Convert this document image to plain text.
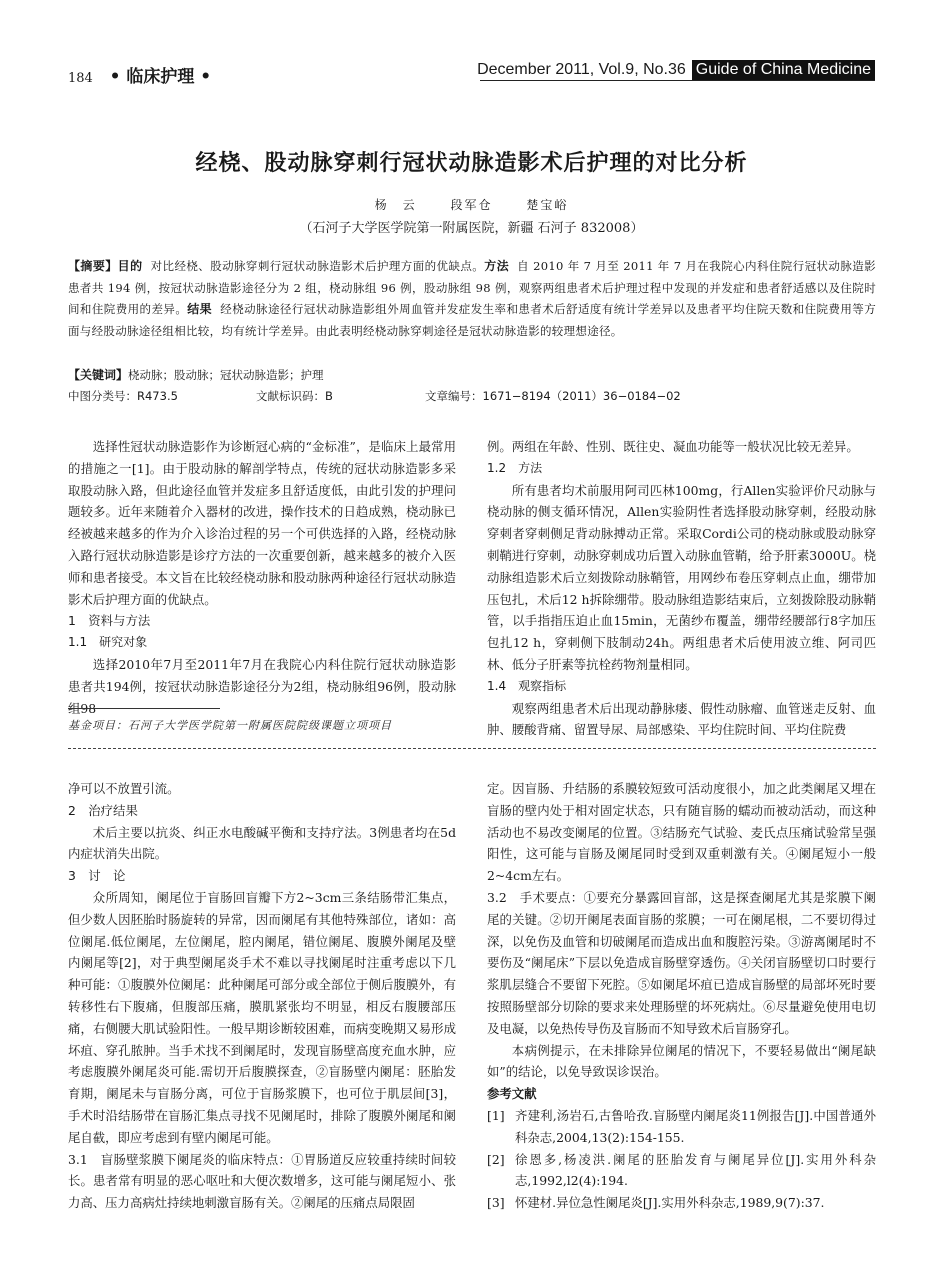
184 • 临床护理 •	December 2011, Vol.9, No.36 Guide of China Medicine
经桡、股动脉穿刺行冠状动脉造影术后护理的对比分析
杨　云	段军仓	楚宝峪
（石河子大学医学院第一附属医院，新疆 石河子 832008）
【摘要】目的 对比经桡、股动脉穿刺行冠状动脉造影术后护理方面的优缺点。方法 自 2010 年 7 月至 2011 年 7 月在我院心内科住院行冠状动脉造影患者共 194 例，按冠状动脉造影途径分为 2 组，桡动脉组 96 例，股动脉组 98 例，观察两组患者术后护理过程中发现的并发症和患者舒适感以及住院时间和住院费用的差异。结果 经桡动脉途径行冠状动脉造影组外周血管并发症发生率和患者术后舒适度有统计学差异以及患者平均住院天数和住院费用等方面与经股动脉途径组相比较，均有统计学差异。由此表明经桡动脉穿刺途径是冠状动脉造影的较理想途径。
【关键词】桡动脉；股动脉；冠状动脉造影；护理
中图分类号：R473.5	文献标识码：B	文章编号：1671−8194（2011）36−0184−02

选择性冠状动脉造影作为诊断冠心病的“金标准”，是临床上最常用的措施之一[1]。由于股动脉的解剖学特点，传统的冠状动脉造影多采取股动脉入路，但此途径血管并发症多且舒适度低，由此引发的护理问题较多。近年来随着介入器材的改进，操作技术的日趋成熟，桡动脉已经被越来越多的作为介入诊治过程的另一个可供选择的入路，经桡动脉入路行冠状动脉造影是诊疗方法的一次重要创新，越来越多的被介入医师和患者接受。本文旨在比较经桡动脉和股动脉两种途径行冠状动脉造影术后护理方面的优缺点。

1　资料与方法
1.1　研究对象

选择2010年7月至2011年7月在我院心内科住院行冠状动脉造影患者共194例，按冠状动脉造影途径分为2组，桡动脉组96例，股动脉组98

基金项目：石河子大学医学院第一附属医院院级课题立项项目

例。两组在年龄、性别、既往史、凝血功能等一般状况比较无差异。

1.2　方法

所有患者均术前服用阿司匹林100mg，行Allen实验评价尺动脉与桡动脉的侧支循环情况，Allen实验阴性者选择股动脉穿刺，经股动脉穿刺者穿刺侧足背动脉搏动正常。采取Cordi公司的桡动脉或股动脉穿刺鞘进行穿刺，动脉穿刺成功后置入动脉血管鞘，给予肝素3000U。桡动脉组造影术后立刻拨除动脉鞘管，用网纱布卷压穿刺点止血，绷带加压包扎，术后12 h拆除绷带。股动脉组造影结束后，立刻拨除股动脉鞘管，以手指指压迫止血15min，无菌纱布覆盖，绷带经腰部行8字加压包扎12 h，穿刺侧下肢制动24h。两组患者术后使用波立维、阿司匹林、低分子肝素等抗栓药物剂量相同。

1.4　观察指标

观察两组患者术后出现动静脉瘘、假性动脉瘤、血管迷走反射、血肿、腰酸背痛、留置导尿、局部感染、平均住院时间、平均住院费

净可以不放置引流。

2　治疗结果

术后主要以抗炎、纠正水电酸碱平衡和支持疗法。3例患者均在5d内症状消失出院。

3　讨　论

众所周知，阑尾位于盲肠回盲瓣下方2~3cm三条结肠带汇集点，但少数人因胚胎时肠旋转的异常，因而阑尾有其他特殊部位，诸如：高位阑尾.低位阑尾，左位阑尾，腔内阑尾，错位阑尾、腹膜外阑尾及壁内阑尾等[2]，对于典型阑尾炎手术不难以寻找阑尾时注重考虑以下几种可能：①腹膜外位阑尾：此种阑尾可部分或全部位于侧后腹膜外，有转移性右下腹痛，但腹部压痛，膜肌紧张均不明显，相反右腹腰部压痛，右侧腰大肌试验阳性。一般早期诊断较困难，而病变晚期又易形成坏疽、穿孔脓肿。当手术找不到阑尾时，发现盲肠壁高度充血水肿，应考虑腹膜外阑尾炎可能.需切开后腹膜探查，②盲肠壁内阑尾：胚胎发育期，阑尾未与盲肠分离，可位于盲肠浆膜下，也可位于肌层间[3]，手术时沿结肠带在盲肠汇集点寻找不见阑尾时，排除了腹膜外阑尾和阑尾自截，即应考虑到有壁内阑尾可能。

3.1　盲肠壁浆膜下阑尾炎的临床特点：①胃肠道反应较重持续时间较长。患者常有明显的恶心呕吐和大便次数增多，这可能与阑尾短小、张力高、压力高病灶持续地刺激盲肠有关。②阑尾的压痛点局限固

定。因盲肠、升结肠的系膜较短致可活动度很小，加之此类阑尾又埋在盲肠的壁内处于相对固定状态，只有随盲肠的蠕动而被动活动，而这种活动也不易改变阑尾的位置。③结肠充气试验、麦氏点压痛试验常呈强阳性，这可能与盲肠及阑尾同时受到双重刺激有关。④阑尾短小一般2~4cm左右。

3.2　手术要点：①要充分暴露回盲部，这是探查阑尾尤其是浆膜下阑尾的关键。②切开阑尾表面盲肠的浆膜；一可在阑尾根，二不要切得过深，以免伤及血管和切破阑尾而造成出血和腹腔污染。③游离阑尾时不要伤及“阑尾床”下层以免造成盲肠壁穿透伤。④关闭盲肠壁切口时要行浆肌层缝合不要留下死腔。⑤如阑尾坏疽已造成盲肠壁的局部坏死时要按照肠壁部分切除的要求来处理肠壁的坏死病灶。⑥尽量避免使用电切及电凝，以免热传导伤及盲肠而不知导致术后盲肠穿孔。

本病例提示，在未排除异位阑尾的情况下，不要轻易做出“阑尾缺如”的结论，以免导致误诊误治。

参考文献
[1] 齐建利,汤岩石,古鲁哈孜.盲肠壁内阑尾炎11例报告[J].中国普通外科杂志,2004,13(2):154-155.
[2] 徐恩多,杨凌洪.阑尾的胚胎发育与阑尾异位[J].实用外科杂志,1992,l2(4):194.
[3] 怀建材.异位急性阑尾炎[J].实用外科杂志,1989,9(7):37.
